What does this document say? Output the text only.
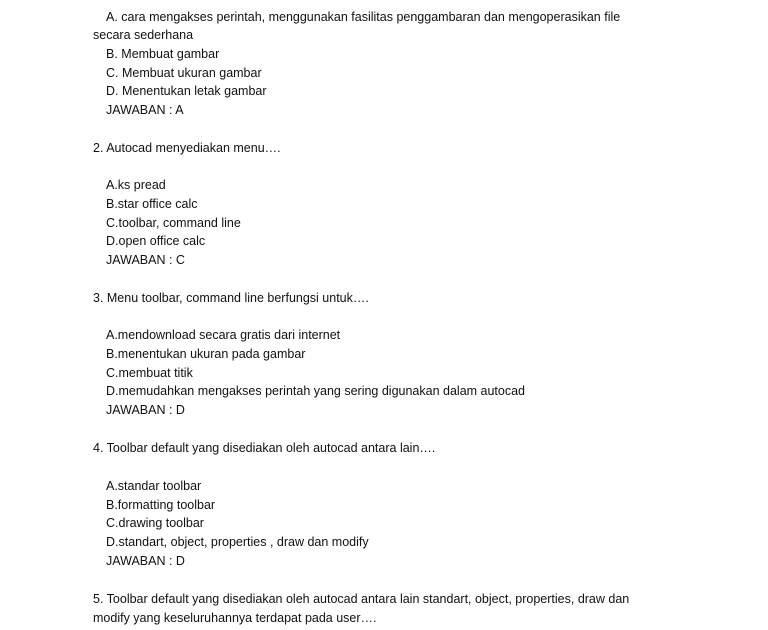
A. cara mengakses perintah, menggunakan fasilitas penggambaran dan mengoperasikan file
secara sederhana
B. Membuat gambar
C. Membuat ukuran gambar
D. Menentukan letak gambar
JAWABAN : A
2. Autocad menyediakan menu….
A.ks pread
B.star office calc
C.toolbar, command line
D.open office calc
JAWABAN : C
3. Menu toolbar, command line berfungsi untuk….
A.mendownload secara gratis dari internet
B.menentukan ukuran pada gambar
C.membuat titik
D.memudahkan mengakses perintah yang sering digunakan dalam autocad
JAWABAN : D
4. Toolbar default yang disediakan oleh autocad antara lain….
A.standar toolbar
B.formatting toolbar
C.drawing toolbar
D.standart, object, properties , draw dan modify
JAWABAN : D
5. Toolbar default yang disediakan oleh autocad antara lain standart, object, properties, draw dan
modify yang keseluruhannya terdapat pada user….
